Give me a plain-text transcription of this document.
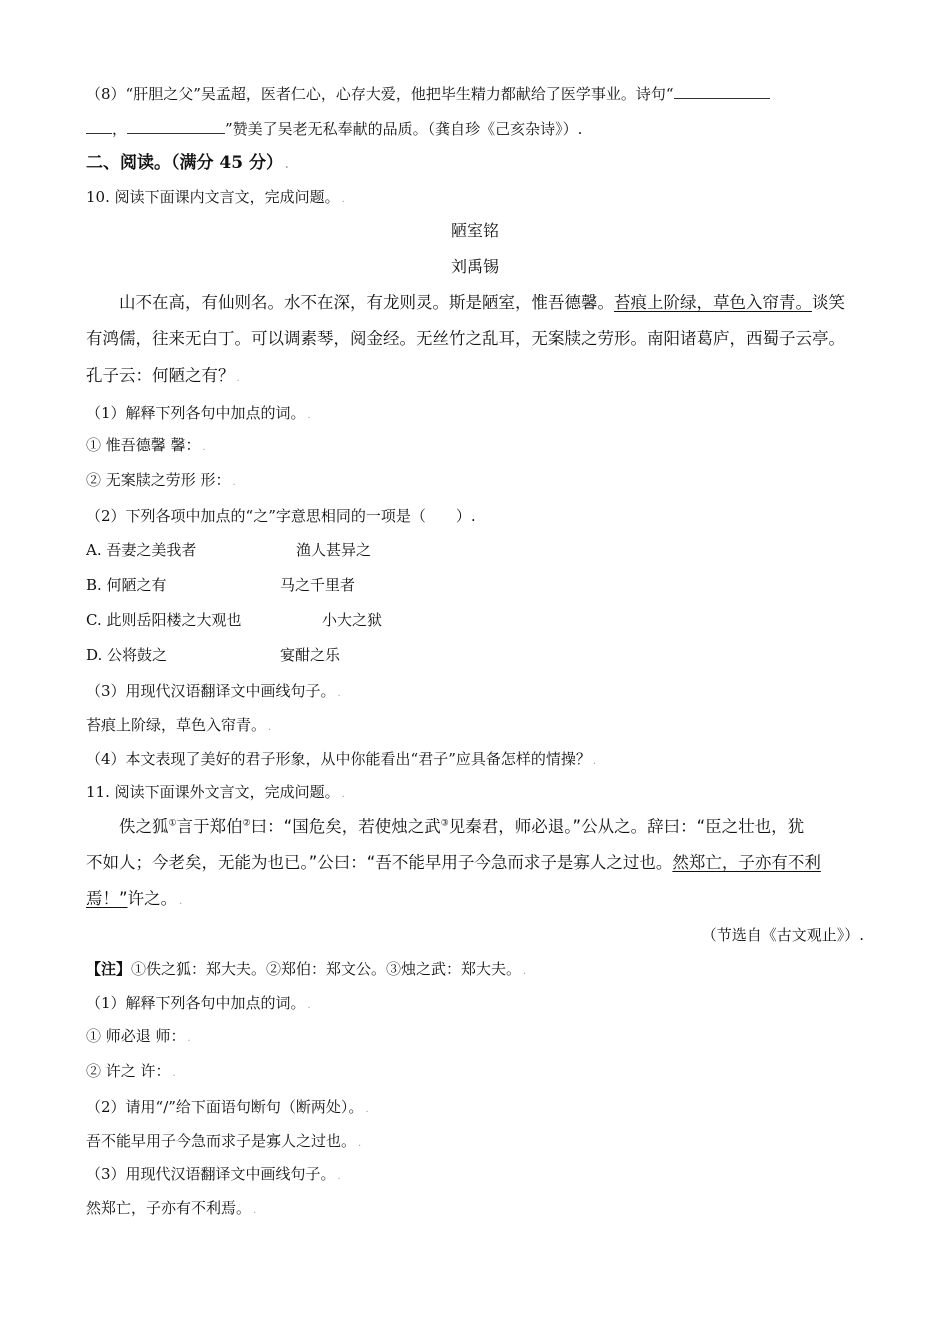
（8）“肝胆之父”吴孟超，医者仁心，心存大爱，他把毕生精力都献给了医学事业。诗句“
，	”赞美了吴老无私奉献的品质。（龚自珍《己亥杂诗》）.
二、阅读。（满分 45 分） .
10. 阅读下面课内文言文，完成问题。 .
陋室铭
刘禹锡
山不在高，有仙则名。水不在深，有龙则灵。斯是陋室，惟吾德馨。苔痕上阶绿，草色入帘青。谈笑
有鸿儒，往来无白丁。可以调素琴，阅金经。无丝竹之乱耳，无案牍之劳形。南阳诸葛庐，西蜀子云亭。
孔子云：何陋之有？ .
（1）解释下列各句中加点的词。 .
① 惟吾德馨 馨： .
② 无案牍之劳形 形： .
（2）下列各项中加点的“之”字意思相同的一项是（　　）.
A. 吾妻之美我者	渔人甚异之
B. 何陋之有	马之千里者
C. 此则岳阳楼之大观也	小大之狱
D. 公将鼓之	宴酣之乐
（3）用现代汉语翻译文中画线句子。 .
苔痕上阶绿，草色入帘青。 .
（4）本文表现了美好的君子形象，从中你能看出“君子”应具备怎样的情操？ .
11. 阅读下面课外文言文，完成问题。 .
佚之狐①言于郑伯②曰：“国危矣，若使烛之武③见秦君，师必退。”公从之。辞曰：“臣之壮也，犹
不如人；今老矣，无能为也已。”公曰：“吾不能早用子今急而求子是寡人之过也。然郑亡，子亦有不利
焉！”许之。 .
（节选自《古文观止》）.
【注】①佚之狐：郑大夫。②郑伯：郑文公。③烛之武：郑大夫。 .
（1）解释下列各句中加点的词。 .
① 师必退 师： .
② 许之 许： .
（2）请用“/”给下面语句断句（断两处）。 .
吾不能早用子今急而求子是寡人之过也。 .
（3）用现代汉语翻译文中画线句子。 .
然郑亡，子亦有不利焉。 .
